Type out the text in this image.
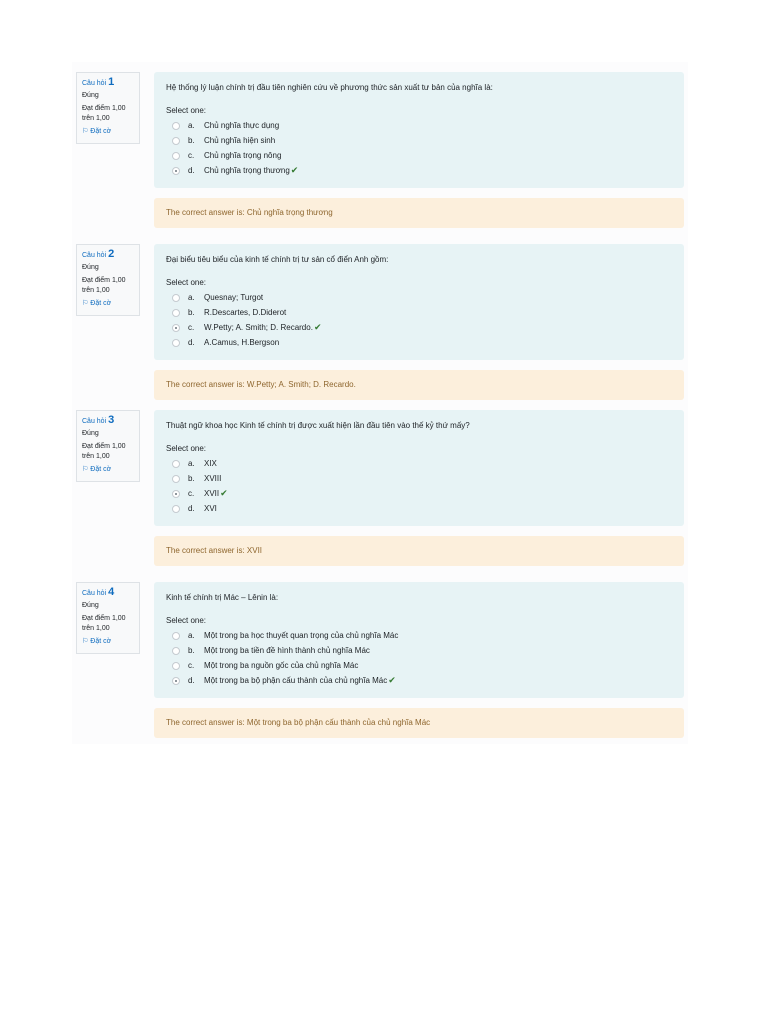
Câu hỏi 1
Đúng
Đạt điểm 1,00 trên 1,00
⚐ Đặt cờ
Hệ thống lý luận chính trị đầu tiên nghiên cứu về phương thức sản xuất tư bản của nghĩa là:
Select one:
a.	Chủ nghĩa thực dụng
b.	Chủ nghĩa hiện sinh
c.	Chủ nghĩa trọng nông
d.	Chủ nghĩa trọng thương ✔
The correct answer is: Chủ nghĩa trọng thương
Câu hỏi 2
Đúng
Đạt điểm 1,00 trên 1,00
⚐ Đặt cờ
Đại biểu tiêu biểu của kinh tế chính trị tư sản cổ điển Anh gồm:
Select one:
a.	Quesnay; Turgot
b.	R.Descartes, D.Diderot
c.	W.Petty; A. Smith; D. Recardo. ✔
d.	A.Camus, H.Bergson
The correct answer is: W.Petty; A. Smith; D. Recardo.
Câu hỏi 3
Đúng
Đạt điểm 1,00 trên 1,00
⚐ Đặt cờ
Thuật ngữ khoa học Kinh tế chính trị được xuất hiện lần đầu tiên vào thế kỷ thứ mấy?
Select one:
a.	XIX
b.	XVIII
c.	XVII ✔
d.	XVI
The correct answer is: XVII
Câu hỏi 4
Đúng
Đạt điểm 1,00 trên 1,00
⚐ Đặt cờ
Kinh tế chính trị Mác – Lênin là:
Select one:
a.	Một trong ba học thuyết quan trọng của chủ nghĩa Mác
b.	Một trong ba tiền đề hình thành chủ nghĩa Mác
c.	Một trong ba nguồn gốc của chủ nghĩa Mác
d.	Một trong ba bộ phận cấu thành của chủ nghĩa Mác ✔
The correct answer is: Một trong ba bộ phận cấu thành của chủ nghĩa Mác
